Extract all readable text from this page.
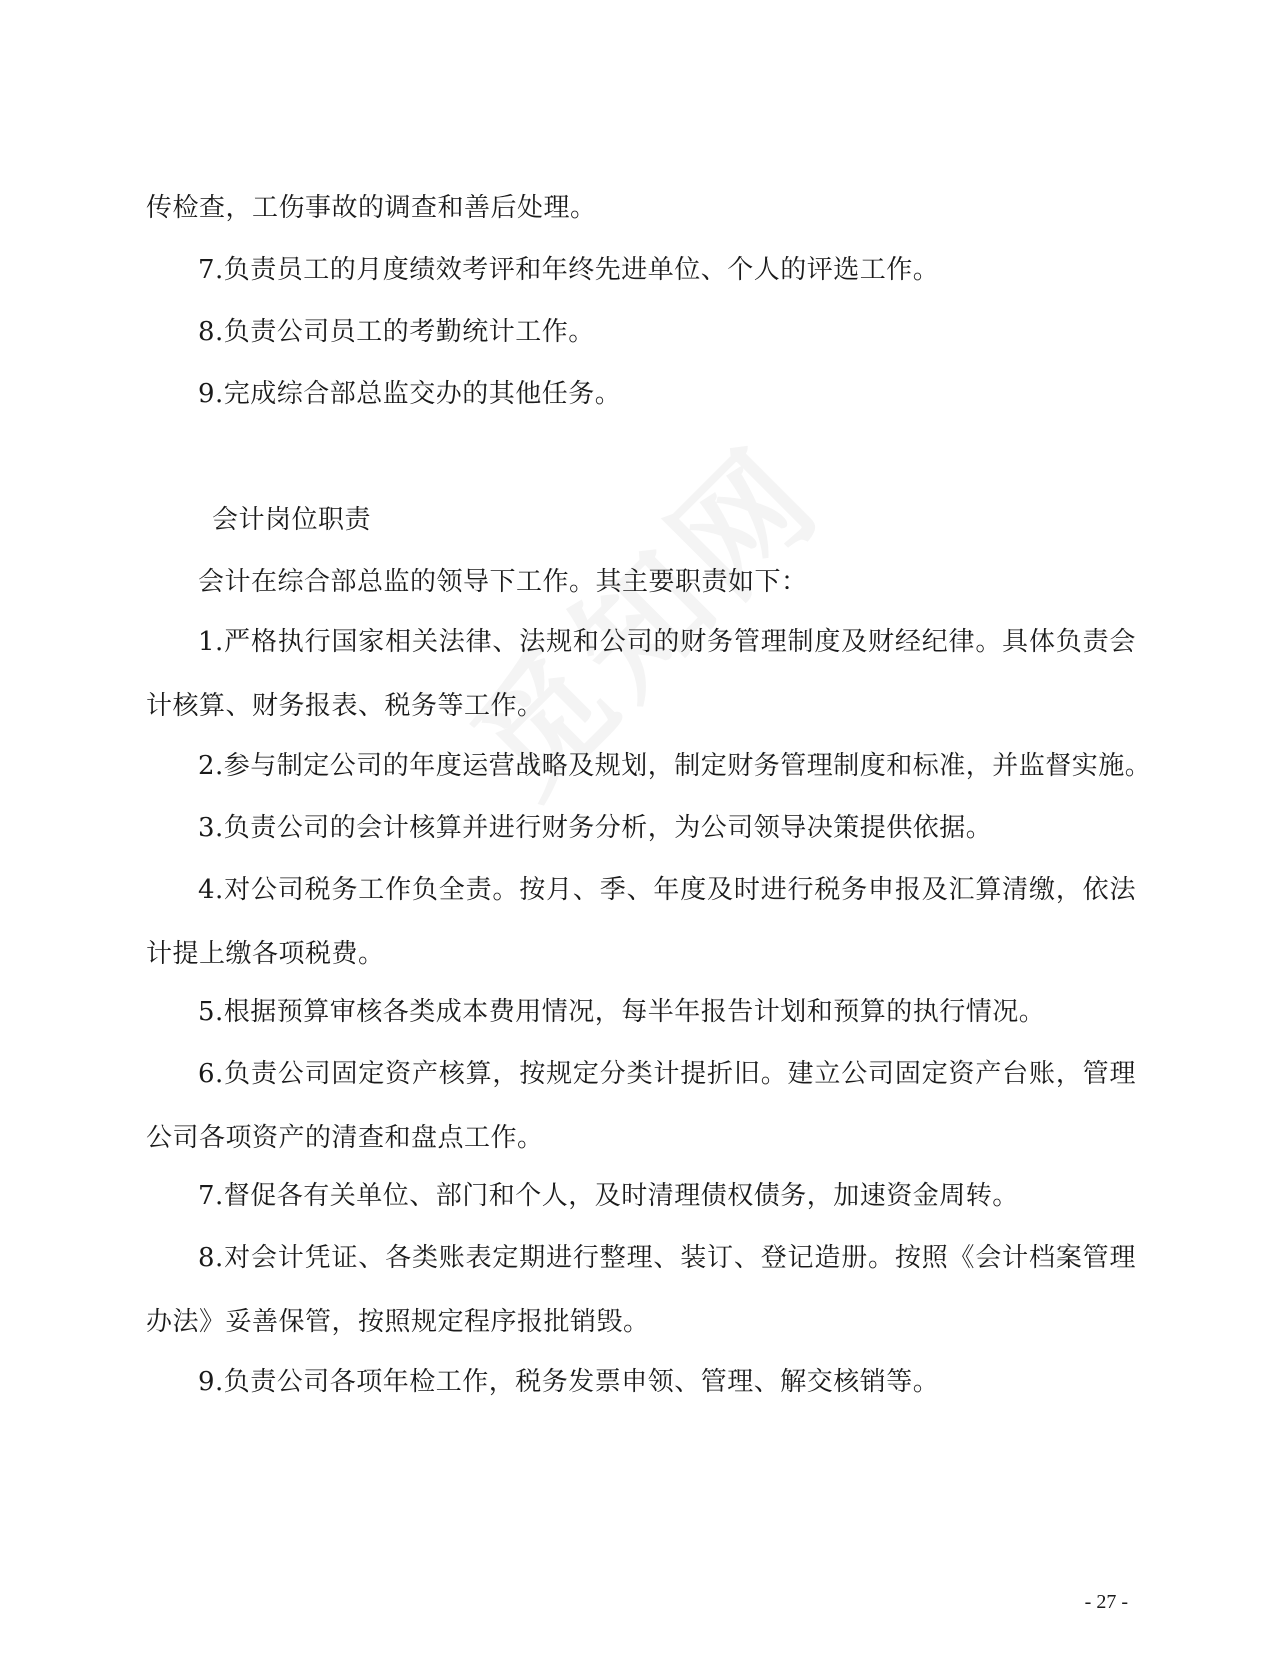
传检查，工伤事故的调查和善后处理。
7.负责员工的月度绩效考评和年终先进单位、个人的评选工作。
8.负责公司员工的考勤统计工作。
9.完成综合部总监交办的其他任务。
会计岗位职责
会计在综合部总监的领导下工作。其主要职责如下：
1.严格执行国家相关法律、法规和公司的财务管理制度及财经纪律。具体负责会计核算、财务报表、税务等工作。
2.参与制定公司的年度运营战略及规划，制定财务管理制度和标准，并监督实施。
3.负责公司的会计核算并进行财务分析，为公司领导决策提供依据。
4.对公司税务工作负全责。按月、季、年度及时进行税务申报及汇算清缴，依法计提上缴各项税费。
5.根据预算审核各类成本费用情况，每半年报告计划和预算的执行情况。
6.负责公司固定资产核算，按规定分类计提折旧。建立公司固定资产台账，管理公司各项资产的清查和盘点工作。
7.督促各有关单位、部门和个人，及时清理债权债务，加速资金周转。
8.对会计凭证、各类账表定期进行整理、装订、登记造册。按照《会计档案管理办法》妥善保管，按照规定程序报批销毁。
9.负责公司各项年检工作，税务发票申领、管理、解交核销等。
- 27 -
